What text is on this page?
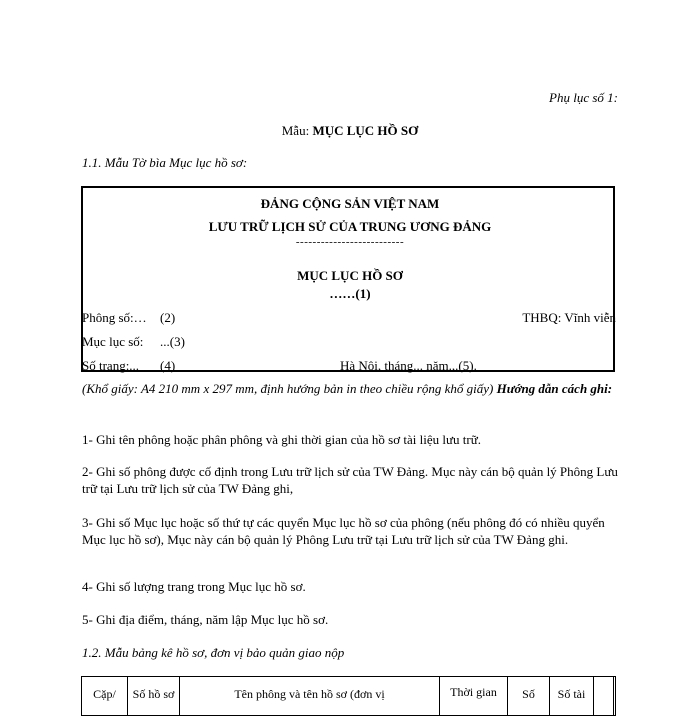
Phụ lục số 1:
Mẫu: MỤC LỤC HỒ SƠ
1.1. Mẫu Tờ bìa Mục lục hồ sơ:
ĐẢNG CỘNG SẢN VIỆT NAM
LƯU TRỮ LỊCH SỬ CỦA TRUNG ƯƠNG ĐẢNG
--------------------------
MỤC LỤC HỒ SƠ
……(1)
Phông số:… (2)	THBQ: Vĩnh viễn
Mục lục số: ...(3)
Số trang:... (4)	Hà Nội, tháng... năm.,.(5).
(Khổ giấy: A4 210 mm x 297 mm, định hướng bản in theo chiều rộng khổ giấy) Hướng dẫn cách ghi:
1- Ghi tên phông hoặc phân phông và ghi thời gian của hồ sơ tài liệu lưu trữ.
2- Ghi số phông được cố định trong Lưu trữ lịch sử của TW Đảng. Mục này cán bộ quản lý Phông Lưu trữ tại Lưu trữ lịch sử của TW Đảng ghi,
3- Ghi số Mục lục hoặc số thứ tự các quyển Mục lục hồ sơ của phông (nếu phông đó có nhiều quyển Mục lục hồ sơ), Mục này cán bộ quản lý Phông Lưu trữ tại Lưu trữ lịch sử của TW Đảng ghi.
4- Ghi số lượng trang trong Mục lục hồ sơ.
5- Ghi địa điểm, tháng, năm lập Mục lục hồ sơ.
1.2. Mẫu bảng kê hồ sơ, đơn vị bảo quản giao nộp
Cặp/	Số hồ sơ	Tên phông và tên hồ sơ (đơn vị	Thời gian	Số	Số tài
